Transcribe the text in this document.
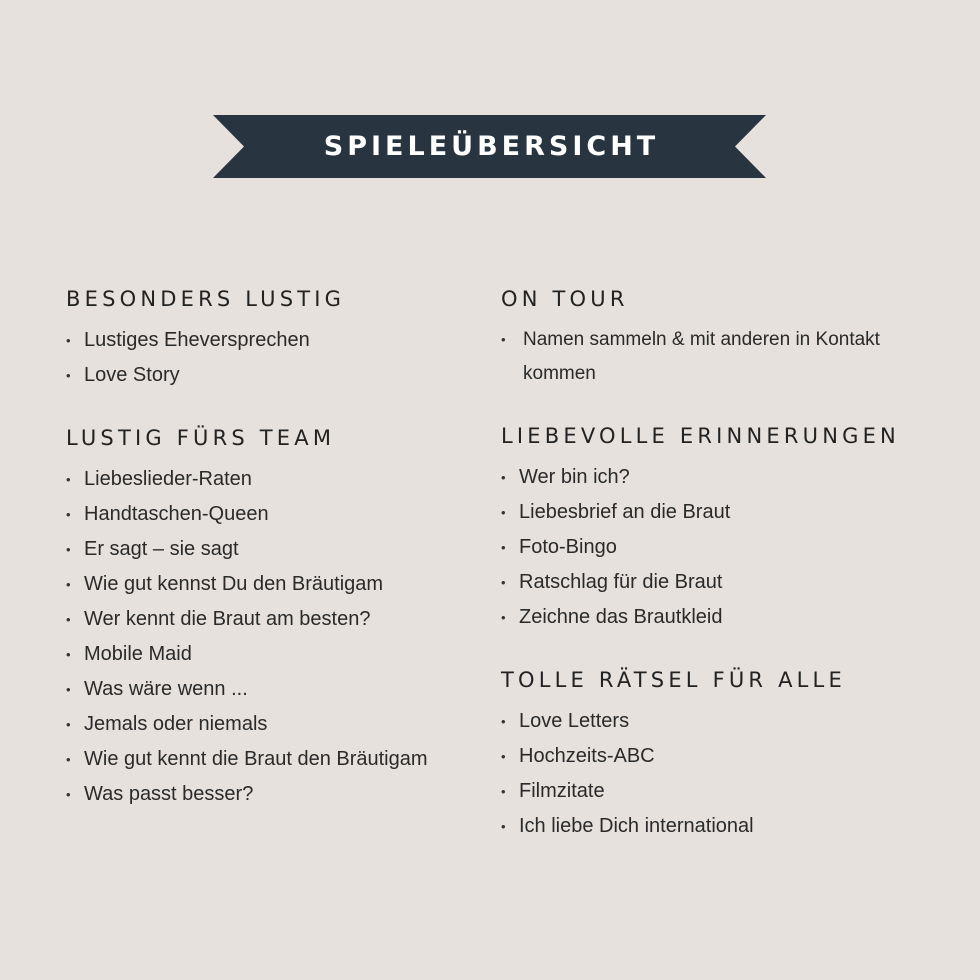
SPIELEÜBERSICHT
BESONDERS LUSTIG
• Lustiges Eheversprechen
• Love Story
LUSTIG FÜRS TEAM
• Liebeslieder-Raten
• Handtaschen-Queen
• Er sagt – sie sagt
• Wie gut kennst Du den Bräutigam
• Wer kennt die Braut am besten?
• Mobile Maid
• Was wäre wenn ...
• Jemals oder niemals
• Wie gut kennt die Braut den Bräutigam
• Was passt besser?
ON TOUR
• Namen sammeln & mit anderen in Kontakt kommen
LIEBEVOLLE ERINNERUNGEN
• Wer bin ich?
• Liebesbrief an die Braut
• Foto-Bingo
• Ratschlag für die Braut
• Zeichne das Brautkleid
TOLLE RÄTSEL FÜR ALLE
• Love Letters
• Hochzeits-ABC
• Filmzitate
• Ich liebe Dich international
